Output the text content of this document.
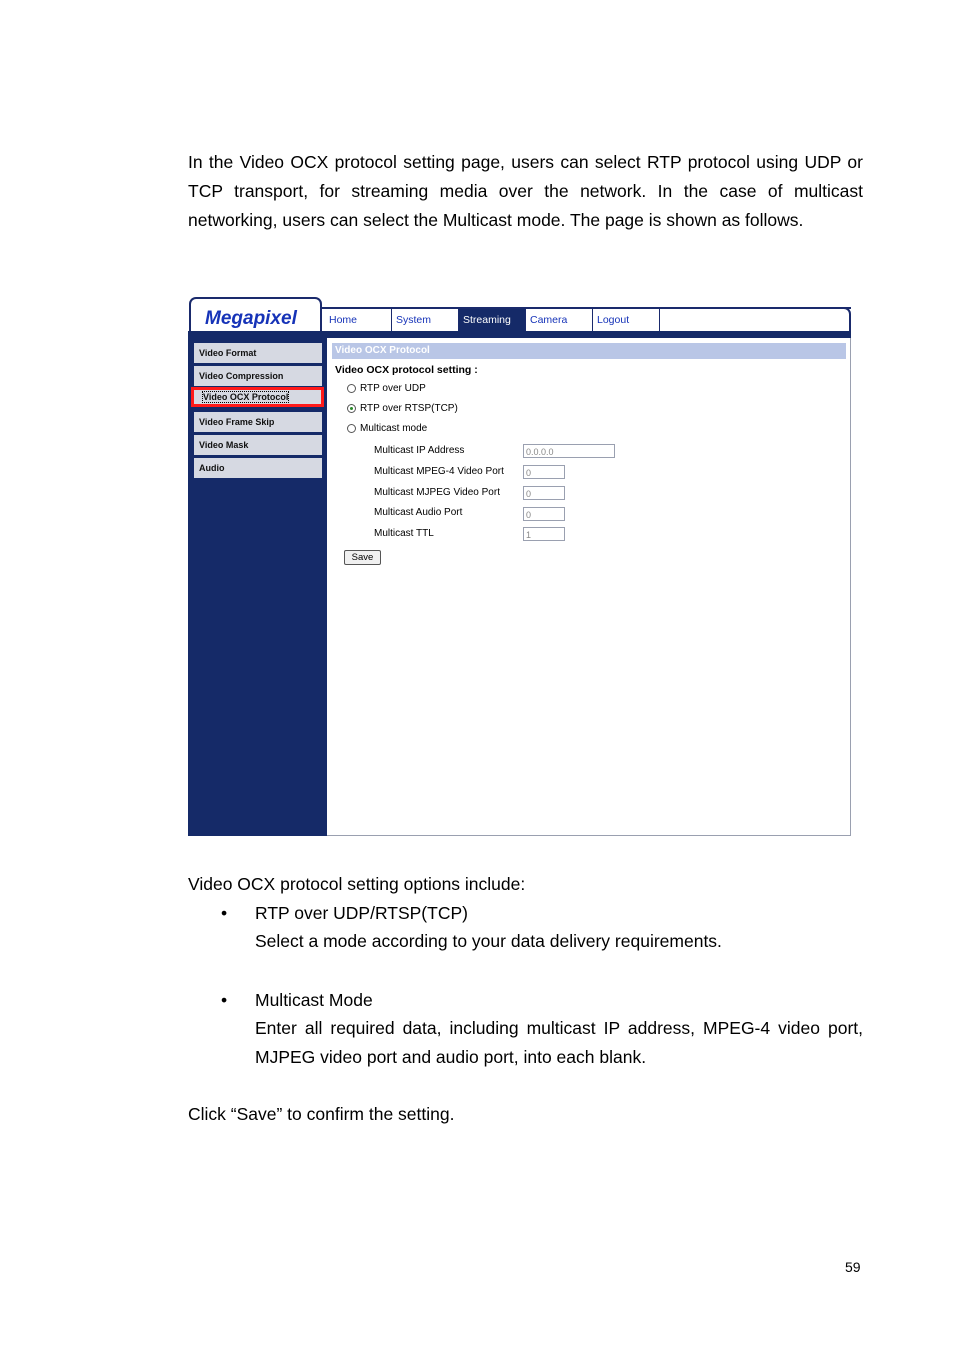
In the Video OCX protocol setting page, users can select RTP protocol using UDP or TCP transport, for streaming media over the network. In the case of multicast networking, users can select the Multicast mode. The page is shown as follows.
Megapixel	Home	System	Streaming	Camera	Logout
Video Format
Video Compression
Video OCX Protocol
Video Frame Skip
Video Mask
Audio
Video OCX Protocol
Video OCX protocol setting :
RTP over UDP
RTP over RTSP(TCP)
Multicast mode
Multicast IP Address	0.0.0.0
Multicast MPEG-4 Video Port	0
Multicast MJPEG Video Port	0
Multicast Audio Port	0
Multicast TTL	1
Save
Video OCX protocol setting options include:
• RTP over UDP/RTSP(TCP)
Select a mode according to your data delivery requirements.
• Multicast Mode
Enter all required data, including multicast IP address, MPEG-4 video port, MJPEG video port and audio port, into each blank.
Click “Save” to confirm the setting.
59
